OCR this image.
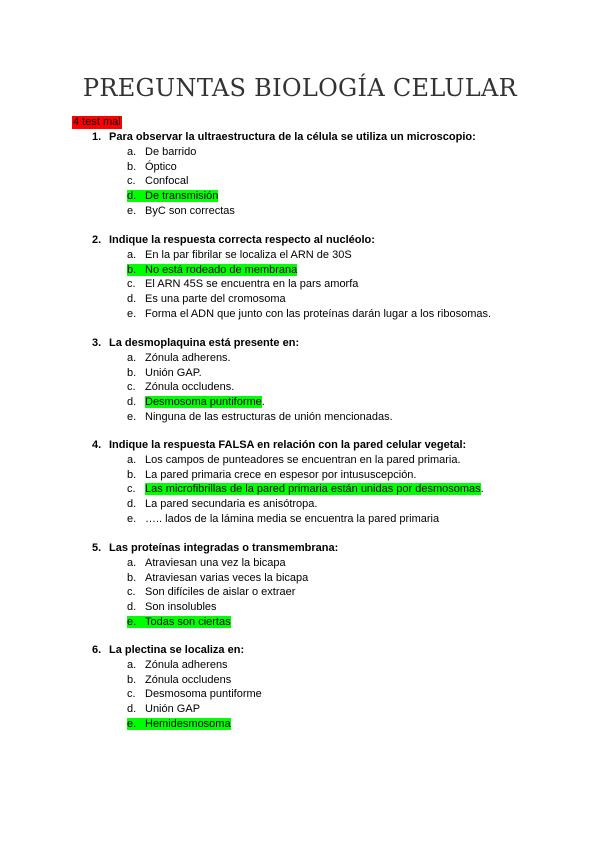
PREGUNTAS BIOLOGÍA CELULAR
4 test mal
1. Para observar la ultraestructura de la célula se utiliza un microscopio:
a. De barrido
b. Óptico
c. Confocal
d. De transmisión
e. ByC son correctas
2. Indique la respuesta correcta respecto al nucléolo:
a. En la par fibrilar se localiza el ARN de 30S
b. No está rodeado de membrana
c. El ARN 45S se encuentra en la pars amorfa
d. Es una parte del cromosoma
e. Forma el ADN que junto con las proteínas darán lugar a los ribosomas.
3. La desmoplaquina está presente en:
a. Zónula adherens.
b. Unión GAP.
c. Zónula occludens.
d. Desmosoma puntiforme.
e. Ninguna de las estructuras de unión mencionadas.
4. Indique la respuesta FALSA en relación con la pared celular vegetal:
a. Los campos de punteadores se encuentran en la pared primaria.
b. La pared primaria crece en espesor por intususcepción.
c. Las microfibrillas de la pared primaria están unidas por desmosomas.
d. La pared secundaria es anisótropa.
e. ….. lados de la lámina media se encuentra la pared primaria
5. Las proteínas integradas o transmembrana:
a. Atraviesan una vez la bicapa
b. Atraviesan varias veces la bicapa
c. Son difíciles de aislar o extraer
d. Son insolubles
e. Todas son ciertas
6. La plectina se localiza en:
a. Zónula adherens
b. Zónula occludens
c. Desmosoma puntiforme
d. Unión GAP
e. Hemidesmosoma
